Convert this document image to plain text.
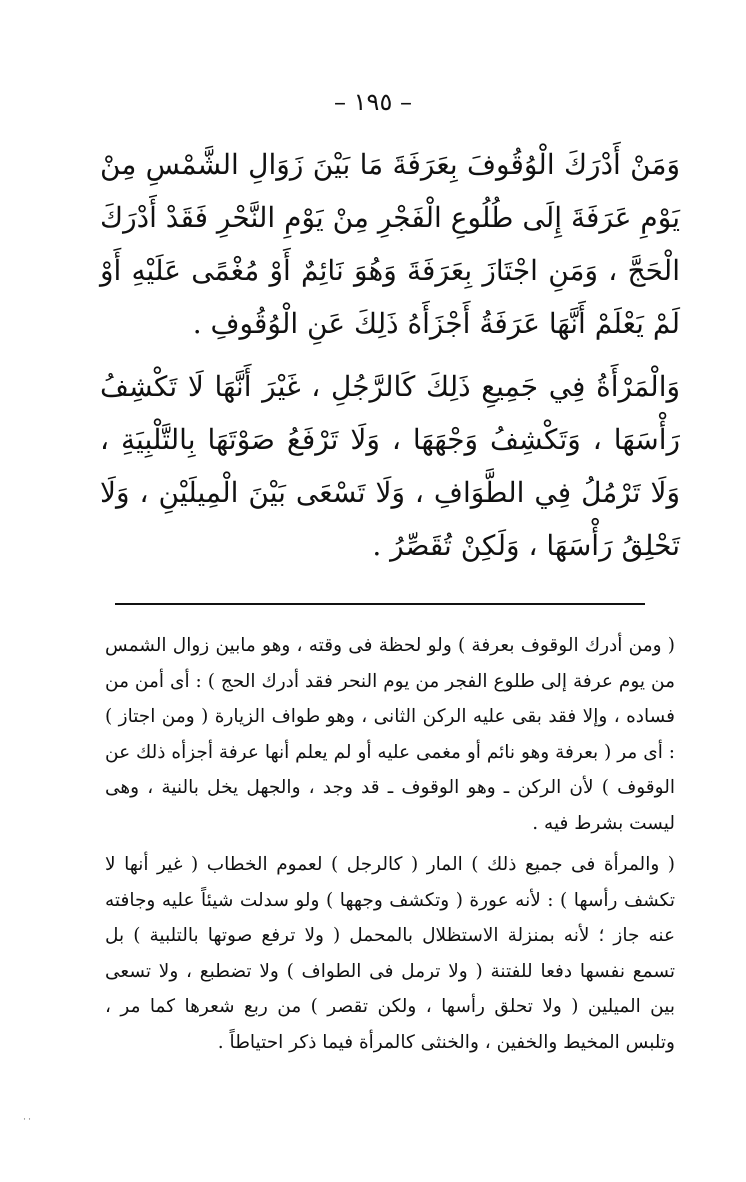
– ١٩٥ –

وَمَنْ أَدْرَكَ الْوُقُوفَ بِعَرَفَةَ مَا بَيْنَ زَوَالِ الشَّمْسِ مِنْ يَوْمِ عَرَفَةَ إِلَى طُلُوعِ الْفَجْرِ مِنْ يَوْمِ النَّحْرِ فَقَدْ أَدْرَكَ الْحَجَّ ، وَمَنِ اجْتَازَ بِعَرَفَةَ وَهُوَ نَائِمٌ أَوْ مُغْمًى عَلَيْهِ أَوْ لَمْ يَعْلَمْ أَنَّهَا عَرَفَةُ أَجْزَأَهُ ذَلِكَ عَنِ الْوُقُوفِ .

وَالْمَرْأَةُ فِي جَمِيعِ ذَلِكَ كَالرَّجُلِ ، غَيْرَ أَنَّهَا لَا تَكْشِفُ رَأْسَهَا ، وَتَكْشِفُ وَجْهَهَا ، وَلَا تَرْفَعُ صَوْتَهَا بِالتَّلْبِيَةِ ، وَلَا تَرْمُلُ فِي الطَّوَافِ ، وَلَا تَسْعَى بَيْنَ الْمِيلَيْنِ ، وَلَا تَحْلِقُ رَأْسَهَا ، وَلَكِنْ تُقَصِّرُ .

( ومن أدرك الوقوف بعرفة ) ولو لحظة فى وقته ، وهو مابين زوال الشمس من يوم عرفة إلى طلوع الفجر من يوم النحر فقد أدرك الحج ) : أى أمن من فساده ، وإلا فقد بقى عليه الركن الثانى ، وهو طواف الزيارة ( ومن اجتاز ) : أى مر ( بعرفة وهو نائم أو مغمى عليه أو لم يعلم أنها عرفة أجزأه ذلك عن الوقوف ) لأن الركن ـ وهو الوقوف ـ قد وجد ، والجهل يخل بالنية ، وهى ليست بشرط فيه .

( والمرأة فى جميع ذلك ) المار ( كالرجل ) لعموم الخطاب ( غير أنها لا تكشف رأسها ) : لأنه عورة ( وتكشف وجهها ) ولو سدلت شيئاً عليه وجافته عنه جاز ؛ لأنه بمنزلة الاستظلال بالمحمل ( ولا ترفع صوتها بالتلبية ) بل تسمع نفسها دفعا للفتنة ( ولا ترمل فى الطواف ) ولا تضطبع ، ولا تسعى بين الميلين ( ولا تحلق رأسها ، ولكن تقصر ) من ربع شعرها كما مر ، وتلبس المخيط والخفين ، والخنثى كالمرأة فيما ذكر احتياطاً .

˙˙
